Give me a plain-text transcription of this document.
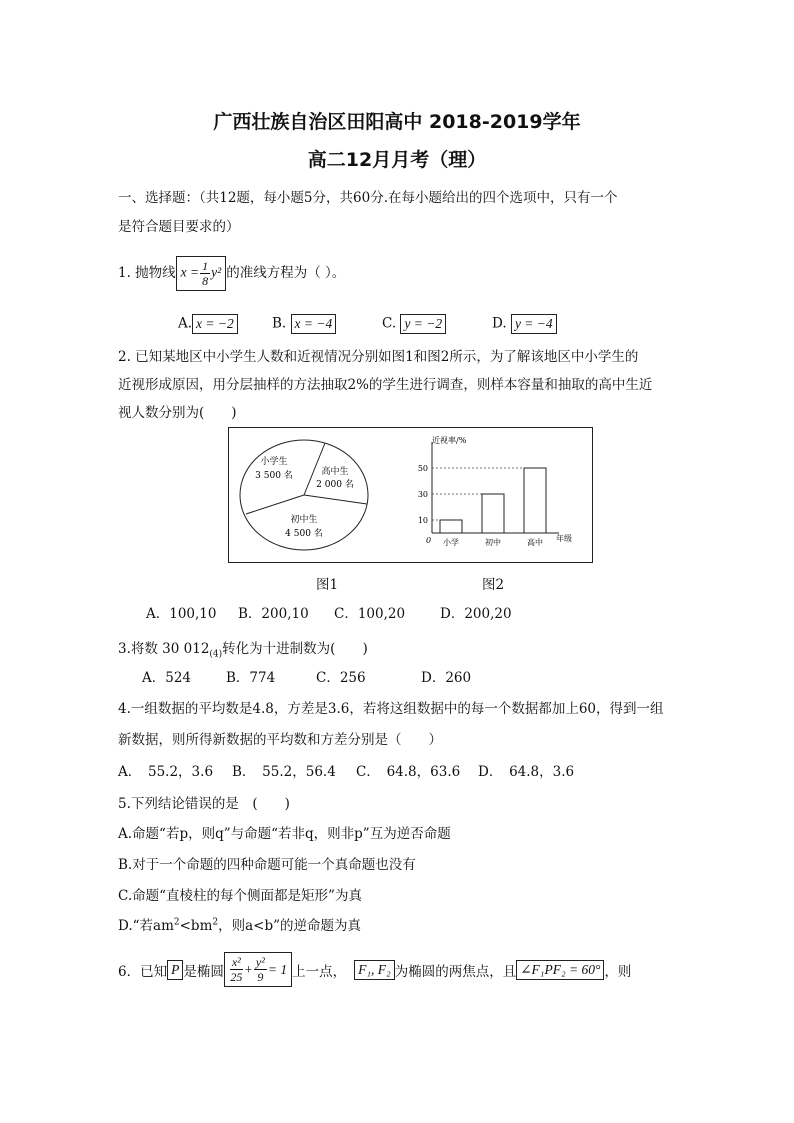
广西壮族自治区田阳高中 2018-2019学年
高二12月月考（理）
一、选择题：（共12题，每小题5分，共60分.在每小题给出的四个选项中，只有一个
是符合题目要求的）
1. 抛物线 $x = \frac{1}{8} y^2$ 的准线方程为（ ）。
A. x = −2	B. x = −4	C. y = −2	D. y = −4
2. 已知某地区中小学生人数和近视情况分别如图1和图2所示，为了解该地区中小学生的
近视形成原因，用分层抽样的方法抽取2%的学生进行调查，则样本容量和抽取的高中生近
视人数分别为(　　)
小学生
3 500 名	高中生
2 000 名
初中生
4 500 名
近视率/%
年级
0
10
30
50
小学	初中	高中
图1	图2
A．100,10 B．200,10 C．100,20	D．200,20
3.将数 30 $012_{(4)}$转化为十进制数为(　　)
A．524	B．774	C．256	D．260
4.一组数据的平均数是4.8，方差是3.6，若将这组数据中的每一个数据都加上60，得到一组
新数据，则所得新数据的平均数和方差分别是（　　）
A．　55.2，3.6 B．　55.2，56.4 C．　64.8，63.6 D．　64.8，3.6
5.下列结论错误的是　(　　)
A.命题“若p，则q”与命题“若非q，则非p”互为逆否命题
B.对于一个命题的四种命题可能一个真命题也没有
C.命题“直棱柱的每个侧面都是矩形”为真
D.“若$am^2<bm^2$，则a<b”的逆命题为真
6．已知 P 是椭圆 $\frac{\text{x²}}{25} + \frac{\text{y²}}{9} = 1$ 上一点， F₁, F₂ 为椭圆的两焦点，且 ∠F₁PF₂ = 60° ，则
